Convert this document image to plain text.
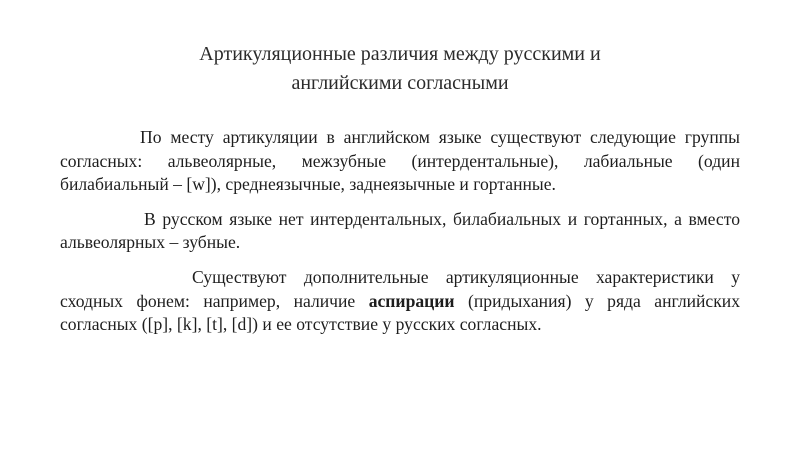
Артикуляционные различия между русскими и
английскими согласными

По месту артикуляции в английском языке существуют следующие группы согласных: альвеолярные, межзубные (интердентальные), лабиальные (один билабиальный – [w]), среднеязычные, заднеязычные и гортанные.

В русском языке нет интердентальных, билабиальных и гортанных, а вместо альвеолярных – зубные.

Существуют дополнительные артикуляционные характеристики у сходных фонем: например, наличие аспирации (придыхания) у ряда английских согласных ([p], [k], [t], [d]) и ее отсутствие у русских согласных.
